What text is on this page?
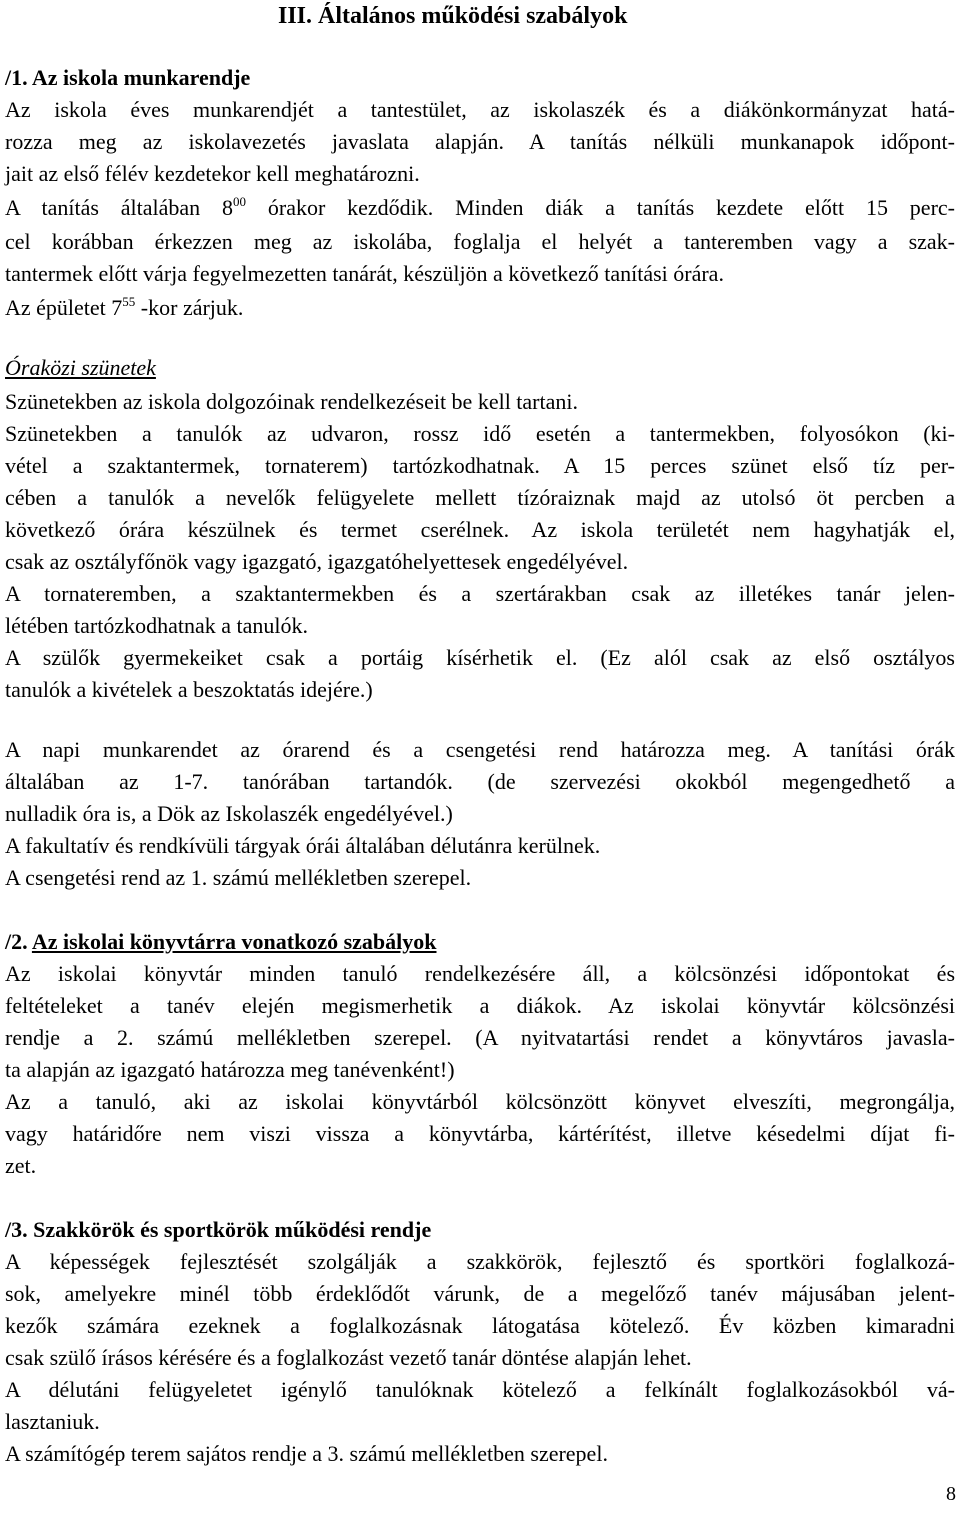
III. Általános működési szabályok
/1. Az iskola munkarendje
Az iskola éves munkarendjét a tantestület, az iskolaszék és a diákönkormányzat hatá-
rozza meg az iskolavezetés javaslata alapján. A tanítás nélküli munkanapok időpont-
jait az első félév kezdetekor kell meghatározni.
A tanítás általában $8^{00}$ órakor kezdődik. Minden diák a tanítás kezdete előtt 15 perc-
cel korábban érkezzen meg az iskolába, foglalja el helyét a tanteremben vagy a szak-
tantermek előtt várja fegyelmezetten tanárát, készüljön a következő tanítási órára.
Az épületet $7^{55}$ -kor zárjuk.
Óraközi szünetek
Szünetekben az iskola dolgozóinak rendelkezéseit be kell tartani.
Szünetekben a tanulók az udvaron, rossz idő esetén a tantermekben, folyosókon (ki-
vétel a szaktantermek, tornaterem) tartózkodhatnak. A 15 perces szünet első tíz per-
cében a tanulók a nevelők felügyelete mellett tízóraiznak majd az utolsó öt percben a
következő órára készülnek és termet cserélnek. Az iskola területét nem hagyhatják el,
csak az osztályfőnök vagy igazgató, igazgatóhelyettesek engedélyével.
A tornateremben, a szaktantermekben és a szertárakban csak az illetékes tanár jelen-
létében tartózkodhatnak a tanulók.
A szülők gyermekeiket csak a portáig kísérhetik el. (Ez alól csak az első osztályos
tanulók a kivételek a beszoktatás idejére.)
A napi munkarendet az órarend és a csengetési rend határozza meg. A tanítási órák
általában az 1-7. tanórában tartandók. (de szervezési okokból megengedhető a
nulladik óra is, a Dök az Iskolaszék engedélyével.)
A fakultatív és rendkívüli tárgyak órái általában délutánra kerülnek.
A csengetési rend az 1. számú mellékletben szerepel.
/2. Az iskolai könyvtárra vonatkozó szabályok
Az iskolai könyvtár minden tanuló rendelkezésére áll, a kölcsönzési időpontokat és
feltételeket a tanév elején megismerhetik a diákok. Az iskolai könyvtár kölcsönzési
rendje a 2. számú mellékletben szerepel. (A nyitvatartási rendet a könyvtáros javasla-
ta alapján az igazgató határozza meg tanévenként!)
Az a tanuló, aki az iskolai könyvtárból kölcsönzött könyvet elveszíti, megrongálja,
vagy határidőre nem viszi vissza a könyvtárba, kártérítést, illetve késedelmi díjat fi-
zet.
/3. Szakkörök és sportkörök működési rendje
A képességek fejlesztését szolgálják a szakkörök, fejlesztő és sportköri foglalkozá-
sok, amelyekre minél több érdeklődőt várunk, de a megelőző tanév májusában jelent-
kezők számára ezeknek a foglalkozásnak látogatása kötelező. Év közben kimaradni
csak szülő írásos kérésére és a foglalkozást vezető tanár döntése alapján lehet.
A délutáni felügyeletet igénylő tanulóknak kötelező a felkínált foglalkozásokból vá-
lasztaniuk.
A számítógép terem sajátos rendje a 3. számú mellékletben szerepel.
8
